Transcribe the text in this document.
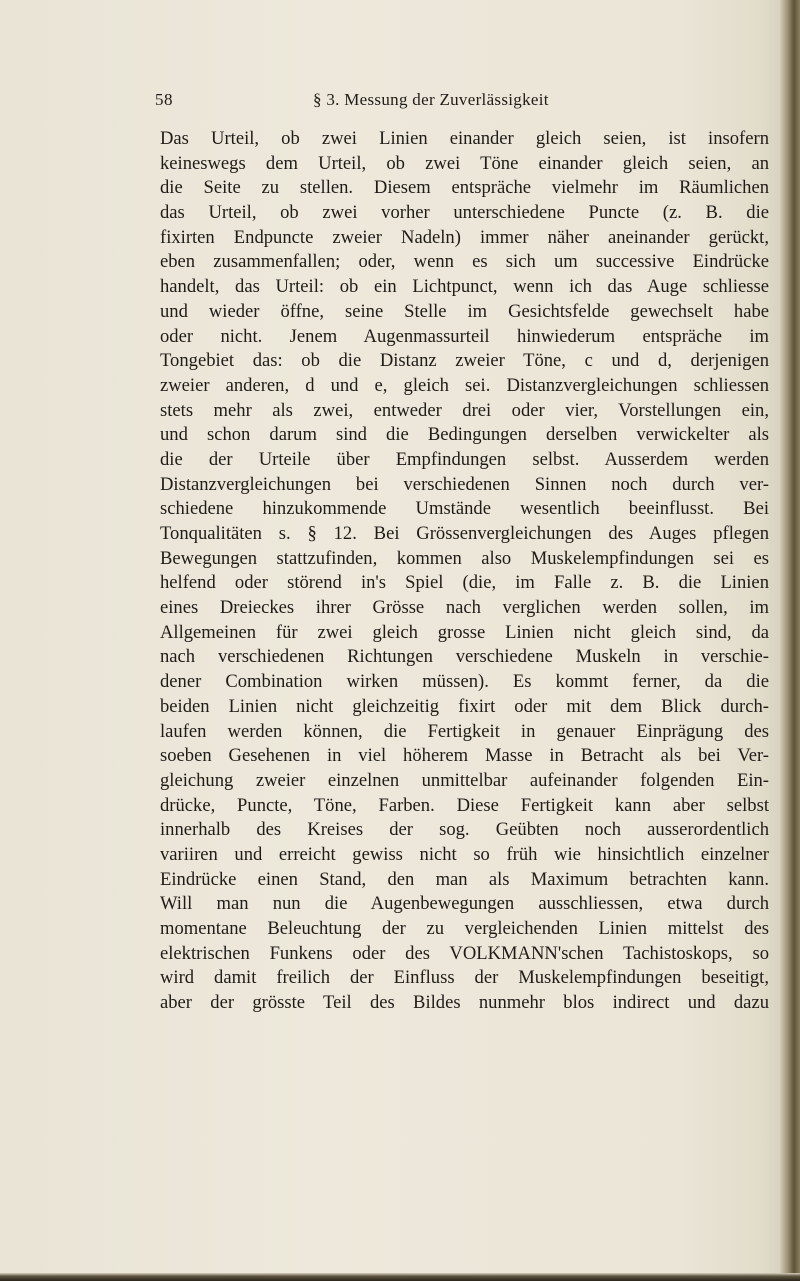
58	§ 3. Messung der Zuverlässigkeit
Das Urteil, ob zwei Linien einander gleich seien, ist insofern
keineswegs dem Urteil, ob zwei Töne einander gleich seien, an
die Seite zu stellen. Diesem entspräche vielmehr im Räumlichen
das Urteil, ob zwei vorher unterschiedene Puncte (z. B. die
fixirten Endpuncte zweier Nadeln) immer näher aneinander gerückt,
eben zusammenfallen; oder, wenn es sich um successive Eindrücke
handelt, das Urteil: ob ein Lichtpunct, wenn ich das Auge schliesse
und wieder öffne, seine Stelle im Gesichtsfelde gewechselt habe
oder nicht. Jenem Augenmassurteil hinwiederum entspräche im
Tongebiet das: ob die Distanz zweier Töne, c und d, derjenigen
zweier anderen, d und e, gleich sei. Distanzvergleichungen schliessen
stets mehr als zwei, entweder drei oder vier, Vorstellungen ein,
und schon darum sind die Bedingungen derselben verwickelter als
die der Urteile über Empfindungen selbst. Ausserdem werden
Distanzvergleichungen bei verschiedenen Sinnen noch durch ver-
schiedene hinzukommende Umstände wesentlich beeinflusst. Bei
Tonqualitäten s. § 12. Bei Grössenvergleichungen des Auges pflegen
Bewegungen stattzufinden, kommen also Muskelempfindungen sei es
helfend oder störend in's Spiel (die, im Falle z. B. die Linien
eines Dreieckes ihrer Grösse nach verglichen werden sollen, im
Allgemeinen für zwei gleich grosse Linien nicht gleich sind, da
nach verschiedenen Richtungen verschiedene Muskeln in verschie-
dener Combination wirken müssen). Es kommt ferner, da die
beiden Linien nicht gleichzeitig fixirt oder mit dem Blick durch-
laufen werden können, die Fertigkeit in genauer Einprägung des
soeben Gesehenen in viel höherem Masse in Betracht als bei Ver-
gleichung zweier einzelnen unmittelbar aufeinander folgenden Ein-
drücke, Puncte, Töne, Farben. Diese Fertigkeit kann aber selbst
innerhalb des Kreises der sog. Geübten noch ausserordentlich
variiren und erreicht gewiss nicht so früh wie hinsichtlich einzelner
Eindrücke einen Stand, den man als Maximum betrachten kann.
Will man nun die Augenbewegungen ausschliessen, etwa durch
momentane Beleuchtung der zu vergleichenden Linien mittelst des
elektrischen Funkens oder des VOLKMANN'schen Tachistoskops, so
wird damit freilich der Einfluss der Muskelempfindungen beseitigt,
aber der grösste Teil des Bildes nunmehr blos indirect und dazu
